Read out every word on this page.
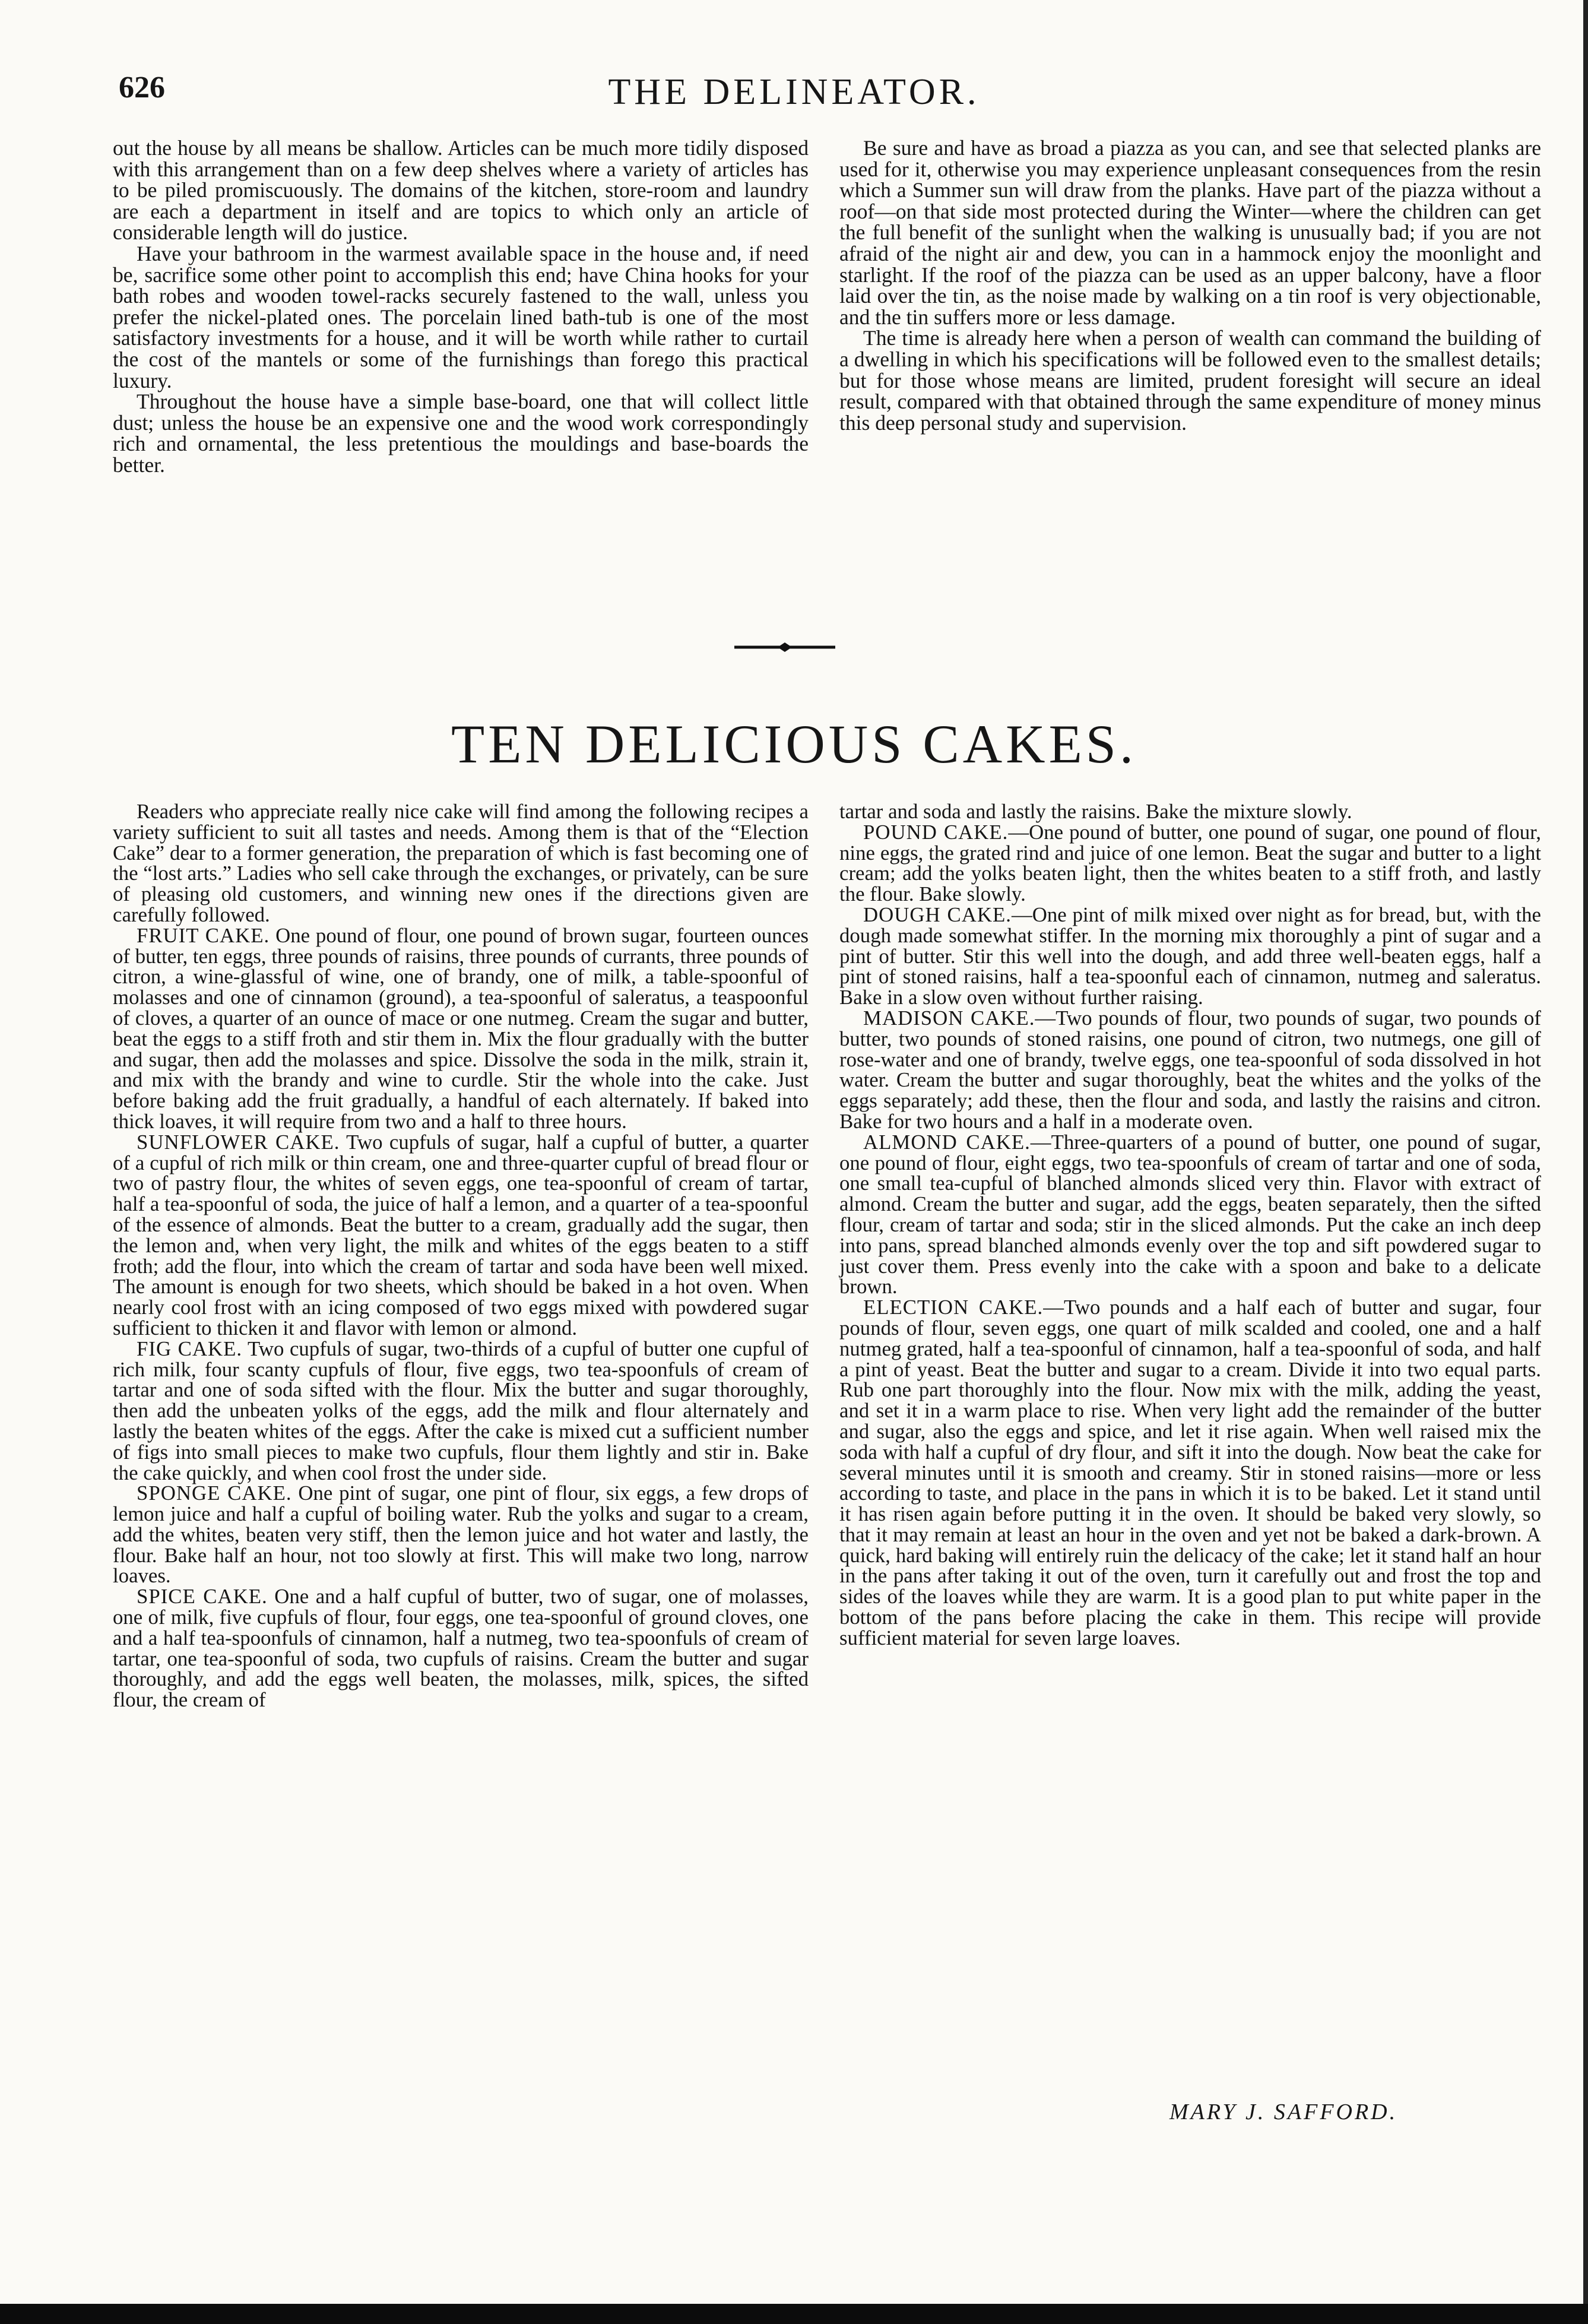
626	THE DELINEATOR.

out the house by all means be shallow. Articles can be much more tidily disposed with this arrangement than on a few deep shelves where a variety of articles has to be piled promiscuously. The domains of the kitchen, store-room and laundry are each a department in itself and are topics to which only an article of considerable length will do justice.

Have your bathroom in the warmest available space in the house and, if need be, sacrifice some other point to accomplish this end; have China hooks for your bath robes and wooden towel-racks securely fastened to the wall, unless you prefer the nickel-plated ones. The porcelain lined bath-tub is one of the most satisfactory investments for a house, and it will be worth while rather to curtail the cost of the mantels or some of the furnishings than forego this practical luxury.

Throughout the house have a simple base-board, one that will collect little dust; unless the house be an expensive one and the wood work correspondingly rich and ornamental, the less pretentious the mouldings and base-boards the better.

Be sure and have as broad a piazza as you can, and see that selected planks are used for it, otherwise you may experience unpleasant consequences from the resin which a Summer sun will draw from the planks. Have part of the piazza without a roof—on that side most protected during the Winter—where the children can get the full benefit of the sunlight when the walking is unusually bad; if you are not afraid of the night air and dew, you can in a hammock enjoy the moonlight and starlight. If the roof of the piazza can be used as an upper balcony, have a floor laid over the tin, as the noise made by walking on a tin roof is very objectionable, and the tin suffers more or less damage.

The time is already here when a person of wealth can command the building of a dwelling in which his specifications will be followed even to the smallest details; but for those whose means are limited, prudent foresight will secure an ideal result, compared with that obtained through the same expenditure of money minus this deep personal study and supervision.

TEN DELICIOUS CAKES.

Readers who appreciate really nice cake will find among the following recipes a variety sufficient to suit all tastes and needs. Among them is that of the “Election Cake” dear to a former generation, the preparation of which is fast becoming one of the “lost arts.” Ladies who sell cake through the exchanges, or privately, can be sure of pleasing old customers, and winning new ones if the directions given are carefully followed.

FRUIT CAKE. One pound of flour, one pound of brown sugar, fourteen ounces of butter, ten eggs, three pounds of raisins, three pounds of currants, three pounds of citron, a wine-glassful of wine, one of brandy, one of milk, a table-spoonful of molasses and one of cinnamon (ground), a tea-spoonful of saleratus, a teaspoonful of cloves, a quarter of an ounce of mace or one nutmeg. Cream the sugar and butter, beat the eggs to a stiff froth and stir them in. Mix the flour gradually with the butter and sugar, then add the molasses and spice. Dissolve the soda in the milk, strain it, and mix with the brandy and wine to curdle. Stir the whole into the cake. Just before baking add the fruit gradually, a handful of each alternately. If baked into thick loaves, it will require from two and a half to three hours.

SUNFLOWER CAKE. Two cupfuls of sugar, half a cupful of butter, a quarter of a cupful of rich milk or thin cream, one and three-quarter cupful of bread flour or two of pastry flour, the whites of seven eggs, one tea-spoonful of cream of tartar, half a tea-spoonful of soda, the juice of half a lemon, and a quarter of a tea-spoonful of the essence of almonds. Beat the butter to a cream, gradually add the sugar, then the lemon and, when very light, the milk and whites of the eggs beaten to a stiff froth; add the flour, into which the cream of tartar and soda have been well mixed. The amount is enough for two sheets, which should be baked in a hot oven. When nearly cool frost with an icing composed of two eggs mixed with powdered sugar sufficient to thicken it and flavor with lemon or almond.

FIG CAKE. Two cupfuls of sugar, two-thirds of a cupful of butter one cupful of rich milk, four scanty cupfuls of flour, five eggs, two tea-spoonfuls of cream of tartar and one of soda sifted with the flour. Mix the butter and sugar thoroughly, then add the unbeaten yolks of the eggs, add the milk and flour alternately and lastly the beaten whites of the eggs. After the cake is mixed cut a sufficient number of figs into small pieces to make two cupfuls, flour them lightly and stir in. Bake the cake quickly, and when cool frost the under side.

SPONGE CAKE. One pint of sugar, one pint of flour, six eggs, a few drops of lemon juice and half a cupful of boiling water. Rub the yolks and sugar to a cream, add the whites, beaten very stiff, then the lemon juice and hot water and lastly, the flour. Bake half an hour, not too slowly at first. This will make two long, narrow loaves.

SPICE CAKE. One and a half cupful of butter, two of sugar, one of molasses, one of milk, five cupfuls of flour, four eggs, one tea-spoonful of ground cloves, one and a half tea-spoonfuls of cinnamon, half a nutmeg, two tea-spoonfuls of cream of tartar, one tea-spoonful of soda, two cupfuls of raisins. Cream the butter and sugar thoroughly, and add the eggs well beaten, the molasses, milk, spices, the sifted flour, the cream of

tartar and soda and lastly the raisins. Bake the mixture slowly.

POUND CAKE.—One pound of butter, one pound of sugar, one pound of flour, nine eggs, the grated rind and juice of one lemon. Beat the sugar and butter to a light cream; add the yolks beaten light, then the whites beaten to a stiff froth, and lastly the flour. Bake slowly.

DOUGH CAKE.—One pint of milk mixed over night as for bread, but, with the dough made somewhat stiffer. In the morning mix thoroughly a pint of sugar and a pint of butter. Stir this well into the dough, and add three well-beaten eggs, half a pint of stoned raisins, half a tea-spoonful each of cinnamon, nutmeg and saleratus. Bake in a slow oven without further raising.

MADISON CAKE.—Two pounds of flour, two pounds of sugar, two pounds of butter, two pounds of stoned raisins, one pound of citron, two nutmegs, one gill of rose-water and one of brandy, twelve eggs, one tea-spoonful of soda dissolved in hot water. Cream the butter and sugar thoroughly, beat the whites and the yolks of the eggs separately; add these, then the flour and soda, and lastly the raisins and citron. Bake for two hours and a half in a moderate oven.

ALMOND CAKE.—Three-quarters of a pound of butter, one pound of sugar, one pound of flour, eight eggs, two tea-spoonfuls of cream of tartar and one of soda, one small tea-cupful of blanched almonds sliced very thin. Flavor with extract of almond. Cream the butter and sugar, add the eggs, beaten separately, then the sifted flour, cream of tartar and soda; stir in the sliced almonds. Put the cake an inch deep into pans, spread blanched almonds evenly over the top and sift powdered sugar to just cover them. Press evenly into the cake with a spoon and bake to a delicate brown.

ELECTION CAKE.—Two pounds and a half each of butter and sugar, four pounds of flour, seven eggs, one quart of milk scalded and cooled, one and a half nutmeg grated, half a tea-spoonful of cinnamon, half a tea-spoonful of soda, and half a pint of yeast. Beat the butter and sugar to a cream. Divide it into two equal parts. Rub one part thoroughly into the flour. Now mix with the milk, adding the yeast, and set it in a warm place to rise. When very light add the remainder of the butter and sugar, also the eggs and spice, and let it rise again. When well raised mix the soda with half a cupful of dry flour, and sift it into the dough. Now beat the cake for several minutes until it is smooth and creamy. Stir in stoned raisins—more or less according to taste, and place in the pans in which it is to be baked. Let it stand until it has risen again before putting it in the oven. It should be baked very slowly, so that it may remain at least an hour in the oven and yet not be baked a dark-brown. A quick, hard baking will entirely ruin the delicacy of the cake; let it stand half an hour in the pans after taking it out of the oven, turn it carefully out and frost the top and sides of the loaves while they are warm. It is a good plan to put white paper in the bottom of the pans before placing the cake in them. This recipe will provide sufficient material for seven large loaves.

MARY J. SAFFORD.
